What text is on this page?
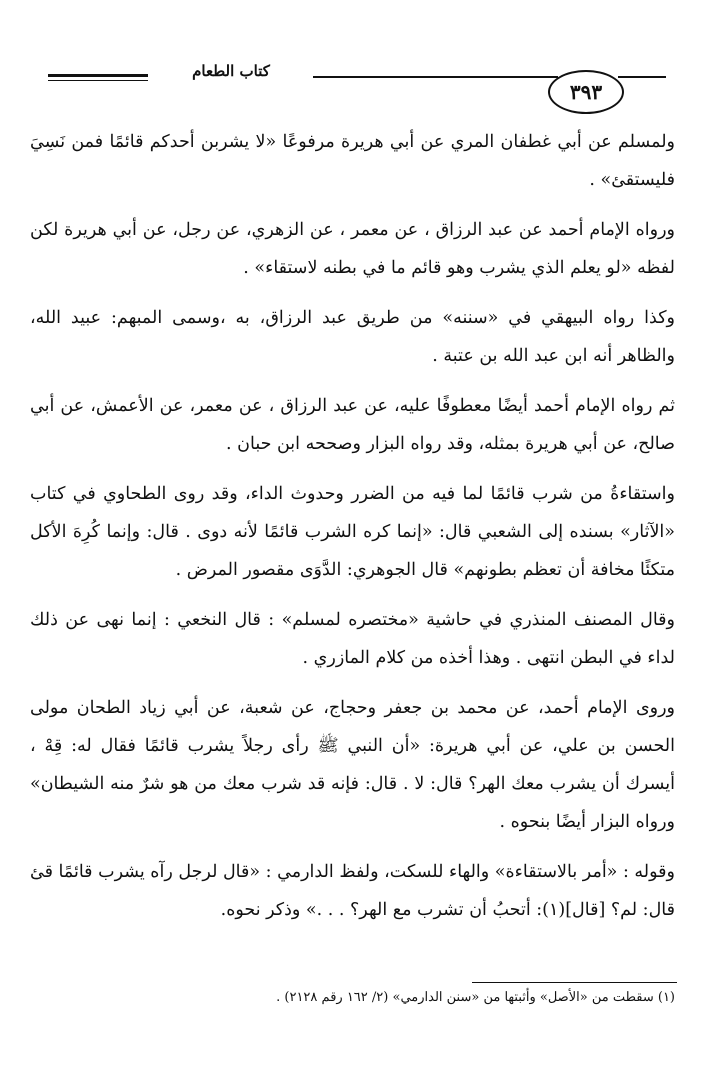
كتاب الطعام
٣٩٣

ولمسلم عن أبي غطفان المري عن أبي هريرة مرفوعًا «لا يشربن أحدكم قائمًا فمن نَسِيَ فليستقئ» .

ورواه الإمام أحمد عن عبد الرزاق ، عن معمر ، عن الزهري، عن رجل، عن أبي هريرة لكن لفظه «لو يعلم الذي يشرب وهو قائم ما في بطنه لاستقاء» .

وكذا رواه البيهقي في «سننه» من طريق عبد الرزاق، به ،وسمى المبهم: عبيد الله، والظاهر أنه ابن عبد الله بن عتبة .

ثم رواه الإمام أحمد أيضًا معطوفًا عليه، عن عبد الرزاق ، عن معمر، عن الأعمش، عن أبي صالح، عن أبي هريرة بمثله، وقد رواه البزار وصححه ابن حبان .

واستقاءةُ من شرب قائمًا لما فيه من الضرر وحدوث الداء، وقد روى الطحاوي في كتاب «الآثار» بسنده إلى الشعبي قال: «إنما كره الشرب قائمًا لأنه دوى . قال: وإنما كُرِهَ الأكل متكئًا مخافة أن تعظم بطونهم» قال الجوهري: الدَّوَى مقصور المرض .

وقال المصنف المنذري في حاشية «مختصره لمسلم» : قال النخعي : إنما نهى عن ذلك لداء في البطن انتهى . وهذا أخذه من كلام المازري .

وروى الإمام أحمد، عن محمد بن جعفر وحجاج، عن شعبة، عن أبي زياد الطحان مولى الحسن بن علي، عن أبي هريرة: «أن النبي ﷺ رأى رجلاً يشرب قائمًا فقال له: قِهْ ، أيسرك أن يشرب معك الهر؟ قال: لا . قال: فإنه قد شرب معك من هو شرٌ منه الشيطان» ورواه البزار أيضًا بنحوه .

وقوله : «أمر بالاستقاءة» والهاء للسكت، ولفظ الدارمي : «قال لرجل رآه يشرب قائمًا قئ قال: لم؟ [قال](١): أتحبُ أن تشرب مع الهر؟ . . .» وذكر نحوه.

(١) سقطت من «الأصل» وأثبتها من «سنن الدارمي» (٢/ ١٦٢ رقم ٢١٢٨) .
